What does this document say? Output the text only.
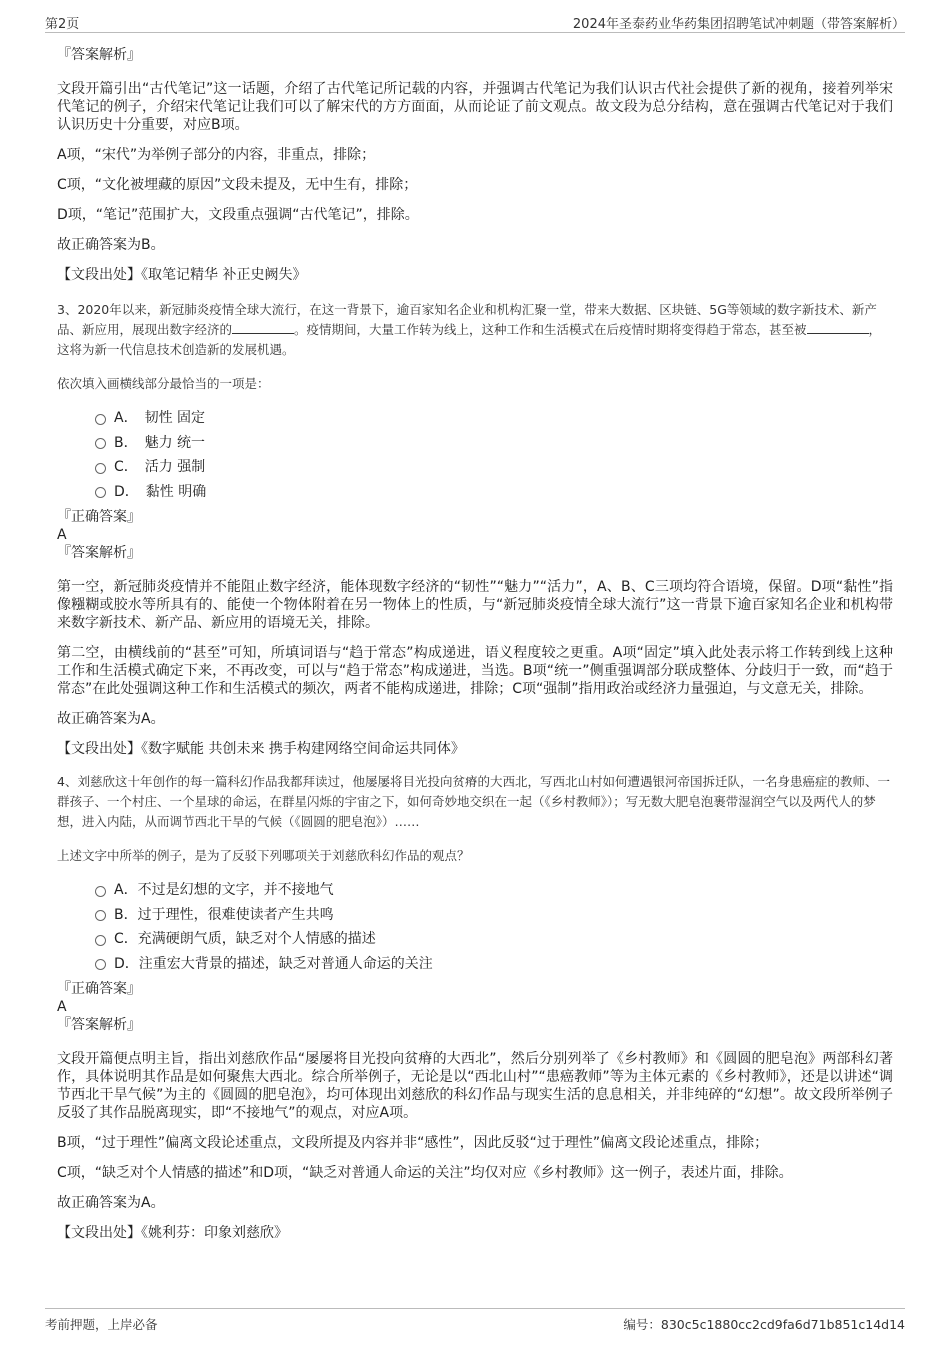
第2页	2024年圣泰药业华药集团招聘笔试冲刺题（带答案解析）

『答案解析』

文段开篇引出“古代笔记”这一话题，介绍了古代笔记所记载的内容，并强调古代笔记为我们认识古代社会提供了新的视角，接着列举宋代笔记的例子，介绍宋代笔记让我们可以了解宋代的方方面面，从而论证了前文观点。故文段为总分结构，意在强调古代笔记对于我们认识历史十分重要，对应B项。

A项，“宋代”为举例子部分的内容，非重点，排除；

C项，“文化被埋藏的原因”文段未提及，无中生有，排除；

D项，“笔记”范围扩大，文段重点强调“古代笔记”，排除。

故正确答案为B。

【文段出处】《取笔记精华 补正史阙失》

3、2020年以来，新冠肺炎疫情全球大流行，在这一背景下，逾百家知名企业和机构汇聚一堂，带来大数据、区块链、5G等领域的数字新技术、新产品、新应用，展现出数字经济的	。疫情期间，大量工作转为线上，这种工作和生活模式在后疫情时期将变得趋于常态，甚至被	，这将为新一代信息技术创造新的发展机遇。

依次填入画横线部分最恰当的一项是：

A．　韧性 固定
B．　魅力 统一
C．　活力 强制
D．　黏性 明确

『正确答案』

A

『答案解析』

第一空，新冠肺炎疫情并不能阻止数字经济，能体现数字经济的“韧性”“魅力”“活力”，A、B、C三项均符合语境，保留。D项“黏性”指像糨糊或胶水等所具有的、能使一个物体附着在另一物体上的性质，与“新冠肺炎疫情全球大流行”这一背景下逾百家知名企业和机构带来数字新技术、新产品、新应用的语境无关，排除。

第二空，由横线前的“甚至”可知，所填词语与“趋于常态”构成递进，语义程度较之更重。A项“固定”填入此处表示将工作转到线上这种工作和生活模式确定下来，不再改变，可以与“趋于常态”构成递进，当选。B项“统一”侧重强调部分联成整体、分歧归于一致，而“趋于常态”在此处强调这种工作和生活模式的频次，两者不能构成递进，排除；C项“强制”指用政治或经济力量强迫，与文意无关，排除。

故正确答案为A。

【文段出处】《数字赋能 共创未来 携手构建网络空间命运共同体》

4、刘慈欣这十年创作的每一篇科幻作品我都拜读过，他屡屡将目光投向贫瘠的大西北，写西北山村如何遭遇银河帝国拆迁队，一名身患癌症的教师、一群孩子、一个村庄、一个星球的命运，在群星闪烁的宇宙之下，如何奇妙地交织在一起（《乡村教师》）；写无数大肥皂泡裹带湿润空气以及两代人的梦想，进入内陆，从而调节西北干旱的气候（《圆圆的肥皂泡》）……

上述文字中所举的例子，是为了反驳下列哪项关于刘慈欣科幻作品的观点？

A．不过是幻想的文字，并不接地气
B．过于理性，很难使读者产生共鸣
C．充满硬朗气质，缺乏对个人情感的描述
D．注重宏大背景的描述，缺乏对普通人命运的关注

『正确答案』

A

『答案解析』

文段开篇便点明主旨，指出刘慈欣作品“屡屡将目光投向贫瘠的大西北”，然后分别列举了《乡村教师》和《圆圆的肥皂泡》两部科幻著作，具体说明其作品是如何聚焦大西北。综合所举例子，无论是以“西北山村”“患癌教师”等为主体元素的《乡村教师》，还是以讲述“调节西北干旱气候”为主的《圆圆的肥皂泡》，均可体现出刘慈欣的科幻作品与现实生活的息息相关，并非纯碎的“幻想”。故文段所举例子反驳了其作品脱离现实，即“不接地气”的观点，对应A项。

B项，“过于理性”偏离文段论述重点，文段所提及内容并非“感性”，因此反驳“过于理性”偏离文段论述重点，排除；

C项，“缺乏对个人情感的描述”和D项，“缺乏对普通人命运的关注”均仅对应《乡村教师》这一例子，表述片面，排除。

故正确答案为A。

【文段出处】《姚利芬：印象刘慈欣》

考前押题，上岸必备	编号：830c5c1880cc2cd9fa6d71b851c14d14
